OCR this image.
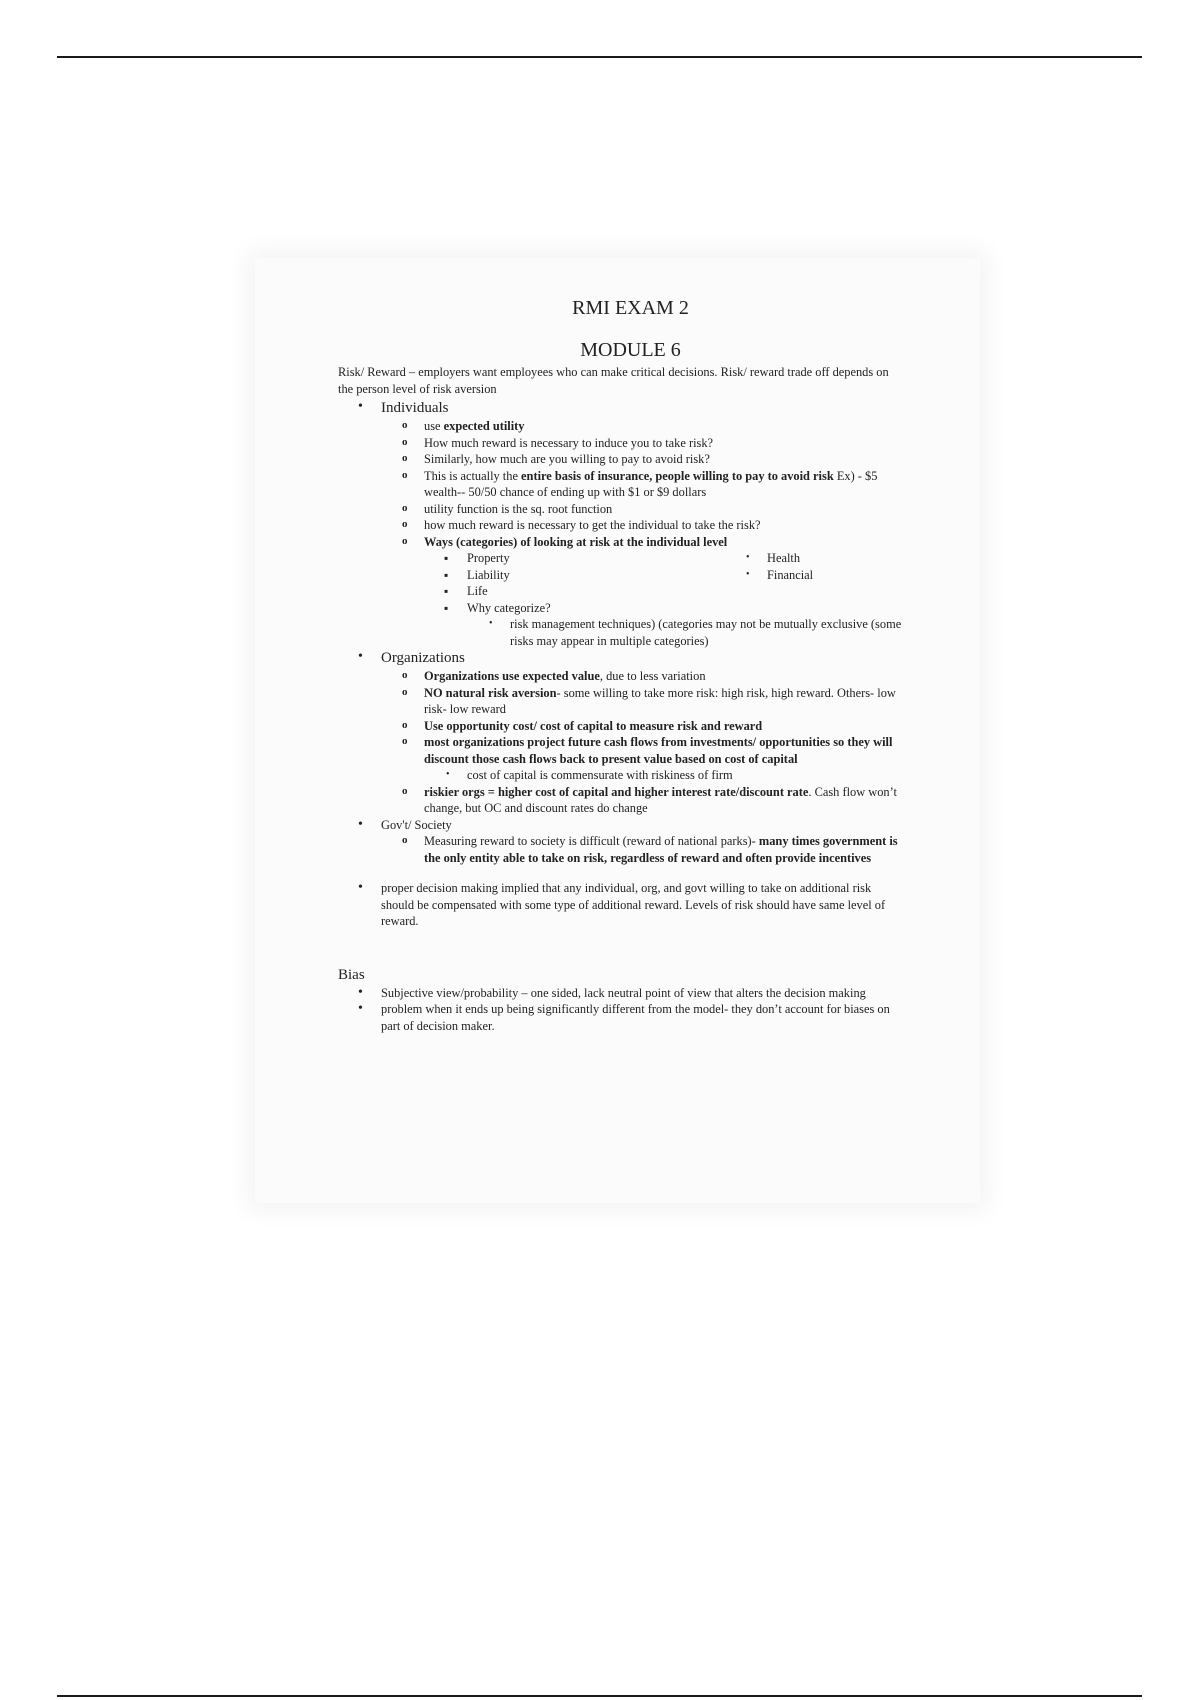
RMI EXAM 2
MODULE 6
Risk/ Reward – employers want employees who can make critical decisions. Risk/ reward trade off depends on the person level of risk aversion
• Individuals
o use expected utility
o How much reward is necessary to induce you to take risk?
o Similarly, how much are you willing to pay to avoid risk?
o This is actually the entire basis of insurance, people willing to pay to avoid risk Ex) - $5 wealth-- 50/50 chance of ending up with $1 or $9 dollars
o utility function is the sq. root function
o how much reward is necessary to get the individual to take the risk?
o Ways (categories) of looking at risk at the individual level
▪ Property
▪ Liability
▪ Life
▪ Why categorize?
• Health
• Financial
• risk management techniques) (categories may not be mutually exclusive (some risks may appear in multiple categories)
• Organizations
o Organizations use expected value, due to less variation
o NO natural risk aversion- some willing to take more risk: high risk, high reward. Others- low risk- low reward
o Use opportunity cost/ cost of capital to measure risk and reward
o most organizations project future cash flows from investments/ opportunities so they will discount those cash flows back to present value based on cost of capital
• cost of capital is commensurate with riskiness of firm
o riskier orgs = higher cost of capital and higher interest rate/discount rate. Cash flow won’t change, but OC and discount rates do change
• Gov't/ Society
o Measuring reward to society is difficult (reward of national parks)- many times government is the only entity able to take on risk, regardless of reward and often provide incentives
• proper decision making implied that any individual, org, and govt willing to take on additional risk should be compensated with some type of additional reward. Levels of risk should have same level of reward.
Bias
• Subjective view/probability – one sided, lack neutral point of view that alters the decision making
• problem when it ends up being significantly different from the model- they don’t account for biases on part of decision maker.
